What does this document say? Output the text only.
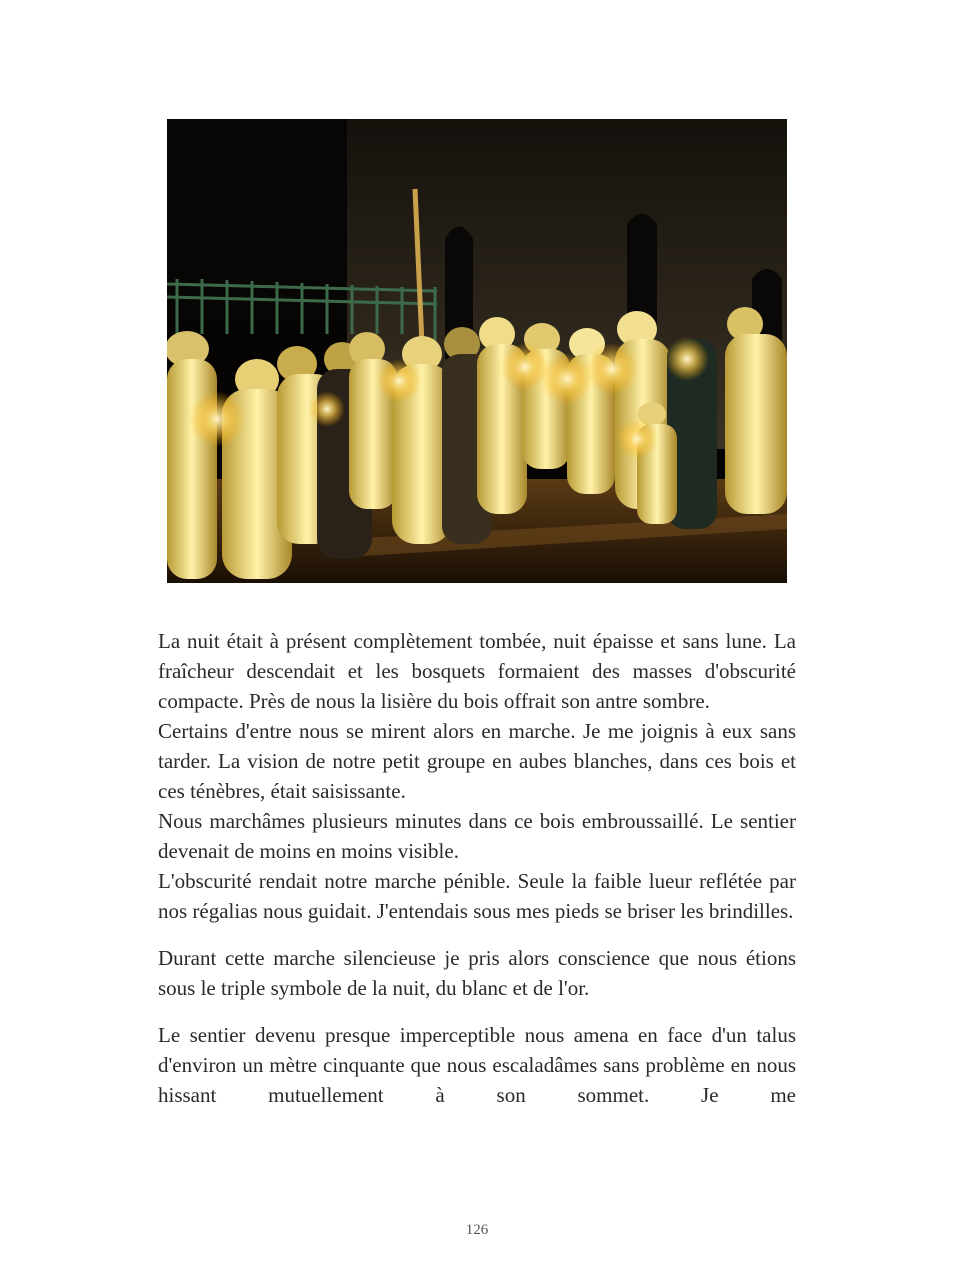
La nuit était à présent complètement tombée, nuit épaisse et sans lune. La fraîcheur descendait et les bosquets formaient des masses d'obscurité compacte. Près de nous la lisière du bois offrait son antre sombre.

Certains d'entre nous se mirent alors en marche. Je me joignis à eux sans tarder. La vision de notre petit groupe en aubes blanches, dans ces bois et ces ténèbres, était saisissante.

Nous marchâmes plusieurs minutes dans ce bois embroussaillé. Le sentier devenait de moins en moins visible.

L'obscurité rendait notre marche pénible. Seule la faible lueur reflétée par nos régalias nous guidait. J'entendais sous mes pieds se briser les brindilles.

Durant cette marche silencieuse je pris alors conscience que nous étions sous le triple symbole de la nuit, du blanc et de l'or.

Le sentier devenu presque imperceptible nous amena en face d'un talus d'environ un mètre cinquante que nous escaladâmes sans problème en nous hissant mutuellement à son sommet. Je me

126
